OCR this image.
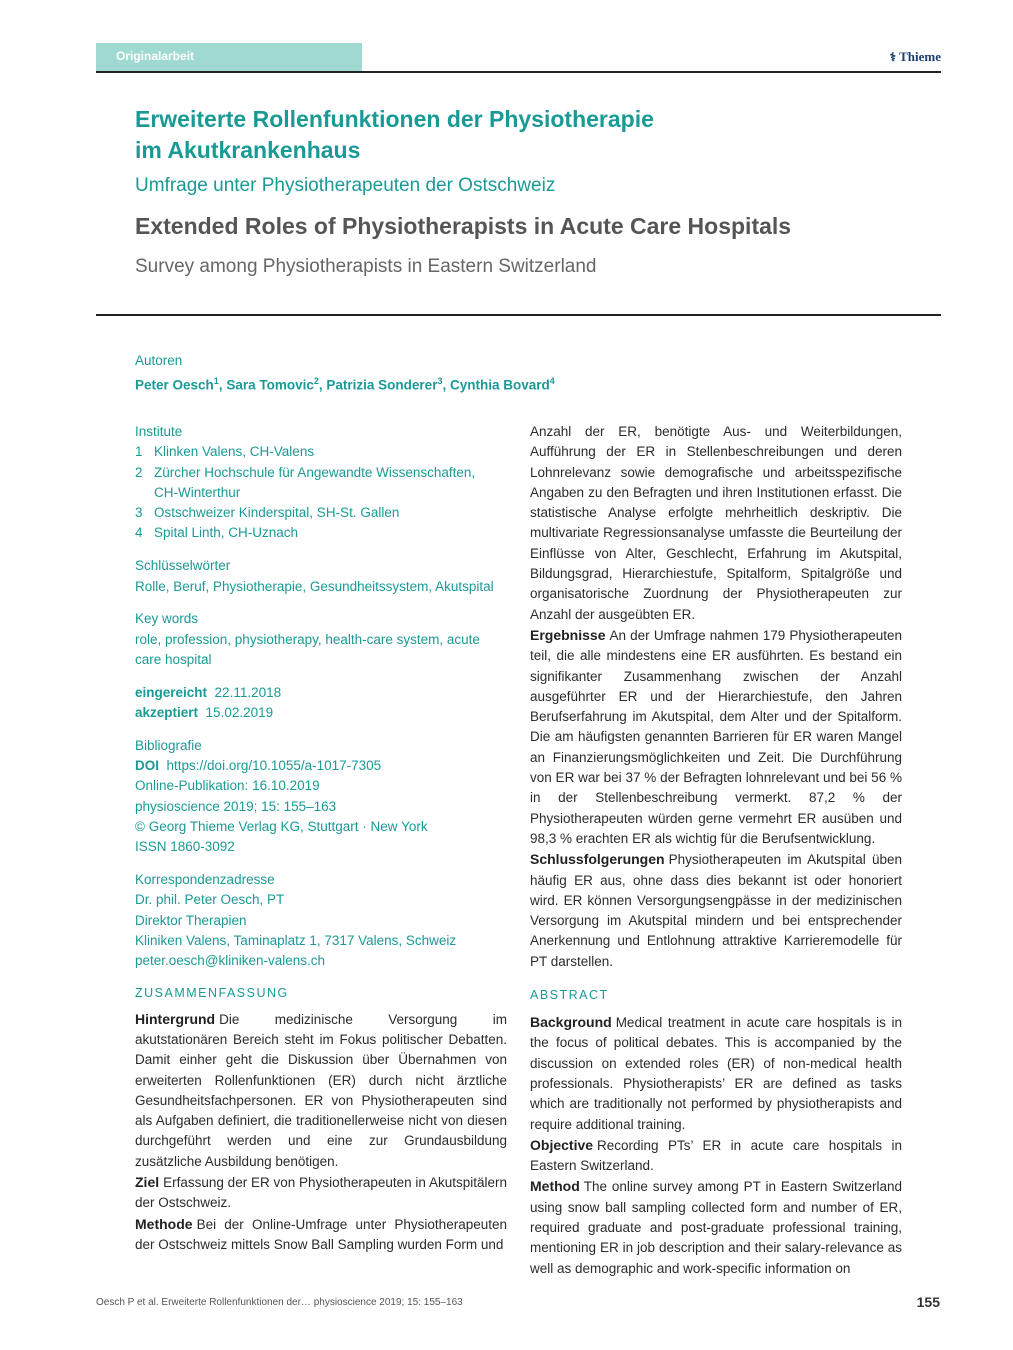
Originalarbeit	⚕ Thieme
Erweiterte Rollenfunktionen der Physiotherapie
im Akutkrankenhaus
Umfrage unter Physiotherapeuten der Ostschweiz
Extended Roles of Physiotherapists in Acute Care Hospitals
Survey among Physiotherapists in Eastern Switzerland
Autoren
Peter Oesch$^1$, Sara Tomovic$^2$, Patrizia Sonderer$^3$, Cynthia Bovard$^4$
Institute
1 Klinken Valens, CH-Valens
2 Zürcher Hochschule für Angewandte Wissenschaften,
CH-Winterthur
3 Ostschweizer Kinderspital, SH-St. Gallen
4 Spital Linth, CH-Uznach
Schlüsselwörter
Rolle, Beruf, Physiotherapie, Gesundheitssystem, Akutspital
Key words
role, profession, physiotherapy, health-care system, acute
care hospital
eingereicht 22.11.2018
akzeptiert 15.02.2019
Bibliografie
DOI https://doi.org/10.1055/a-1017-7305
Online-Publikation: 16.10.2019
physioscience 2019; 15: 155–163
© Georg Thieme Verlag KG, Stuttgart · New York
ISSN 1860-3092
Korrespondenzadresse
Dr. phil. Peter Oesch, PT
Direktor Therapien
Kliniken Valens, Taminaplatz 1, 7317 Valens, Schweiz
peter.oesch@kliniken-valens.ch
ZUSAMMENFASSUNG

Hintergrund Die medizinische Versorgung im akutstationären Bereich steht im Fokus politischer Debatten. Damit einher geht die Diskussion über Übernahmen von erweiterten Rollenfunktionen (ER) durch nicht ärztliche Gesundheitsfachpersonen. ER von Physiotherapeuten sind als Aufgaben definiert, die traditionellerweise nicht von diesen durchgeführt werden und eine zur Grundausbildung zusätzliche Ausbildung benötigen.

Ziel Erfassung der ER von Physiotherapeuten in Akutspitälern der Ostschweiz.

Methode Bei der Online-Umfrage unter Physiotherapeuten der Ostschweiz mittels Snow Ball Sampling wurden Form und

Anzahl der ER, benötigte Aus- und Weiterbildungen, Aufführung der ER in Stellenbeschreibungen und deren Lohnrelevanz sowie demografische und arbeitsspezifische Angaben zu den Befragten und ihren Institutionen erfasst. Die statistische Analyse erfolgte mehrheitlich deskriptiv. Die multivariate Regressionsanalyse umfasste die Beurteilung der Einflüsse von Alter, Geschlecht, Erfahrung im Akutspital, Bildungsgrad, Hierarchiestufe, Spitalform, Spitalgröße und organisatorische Zuordnung der Physiotherapeuten zur Anzahl der ausgeübten ER.

Ergebnisse An der Umfrage nahmen 179 Physiotherapeuten teil, die alle mindestens eine ER ausführten. Es bestand ein signifikanter Zusammenhang zwischen der Anzahl ausgeführter ER und der Hierarchiestufe, den Jahren Berufserfahrung im Akutspital, dem Alter und der Spitalform. Die am häufigsten genannten Barrieren für ER waren Mangel an Finanzierungsmöglichkeiten und Zeit. Die Durchführung von ER war bei 37 % der Befragten lohnrelevant und bei 56 % in der Stellenbeschreibung vermerkt. 87,2 % der Physiotherapeuten würden gerne vermehrt ER ausüben und 98,3 % erachten ER als wichtig für die Berufsentwicklung.

Schlussfolgerungen Physiotherapeuten im Akutspital üben häufig ER aus, ohne dass dies bekannt ist oder honoriert wird. ER können Versorgungsengpässe in der medizinischen Versorgung im Akutspital mindern und bei entsprechender Anerkennung und Entlohnung attraktive Karrieremodelle für PT darstellen.

ABSTRACT

Background Medical treatment in acute care hospitals is in the focus of political debates. This is accompanied by the discussion on extended roles (ER) of non-medical health professionals. Physiotherapists’ ER are defined as tasks which are traditionally not performed by physiotherapists and require additional training.

Objective Recording PTs’ ER in acute care hospitals in Eastern Switzerland.

Method The online survey among PT in Eastern Switzerland using snow ball sampling collected form and number of ER, required graduate and post-graduate professional training, mentioning ER in job description and their salary-relevance as well as demographic and work-specific information on

Oesch P et al. Erweiterte Rollenfunktionen der… physioscience 2019; 15: 155–163	155
